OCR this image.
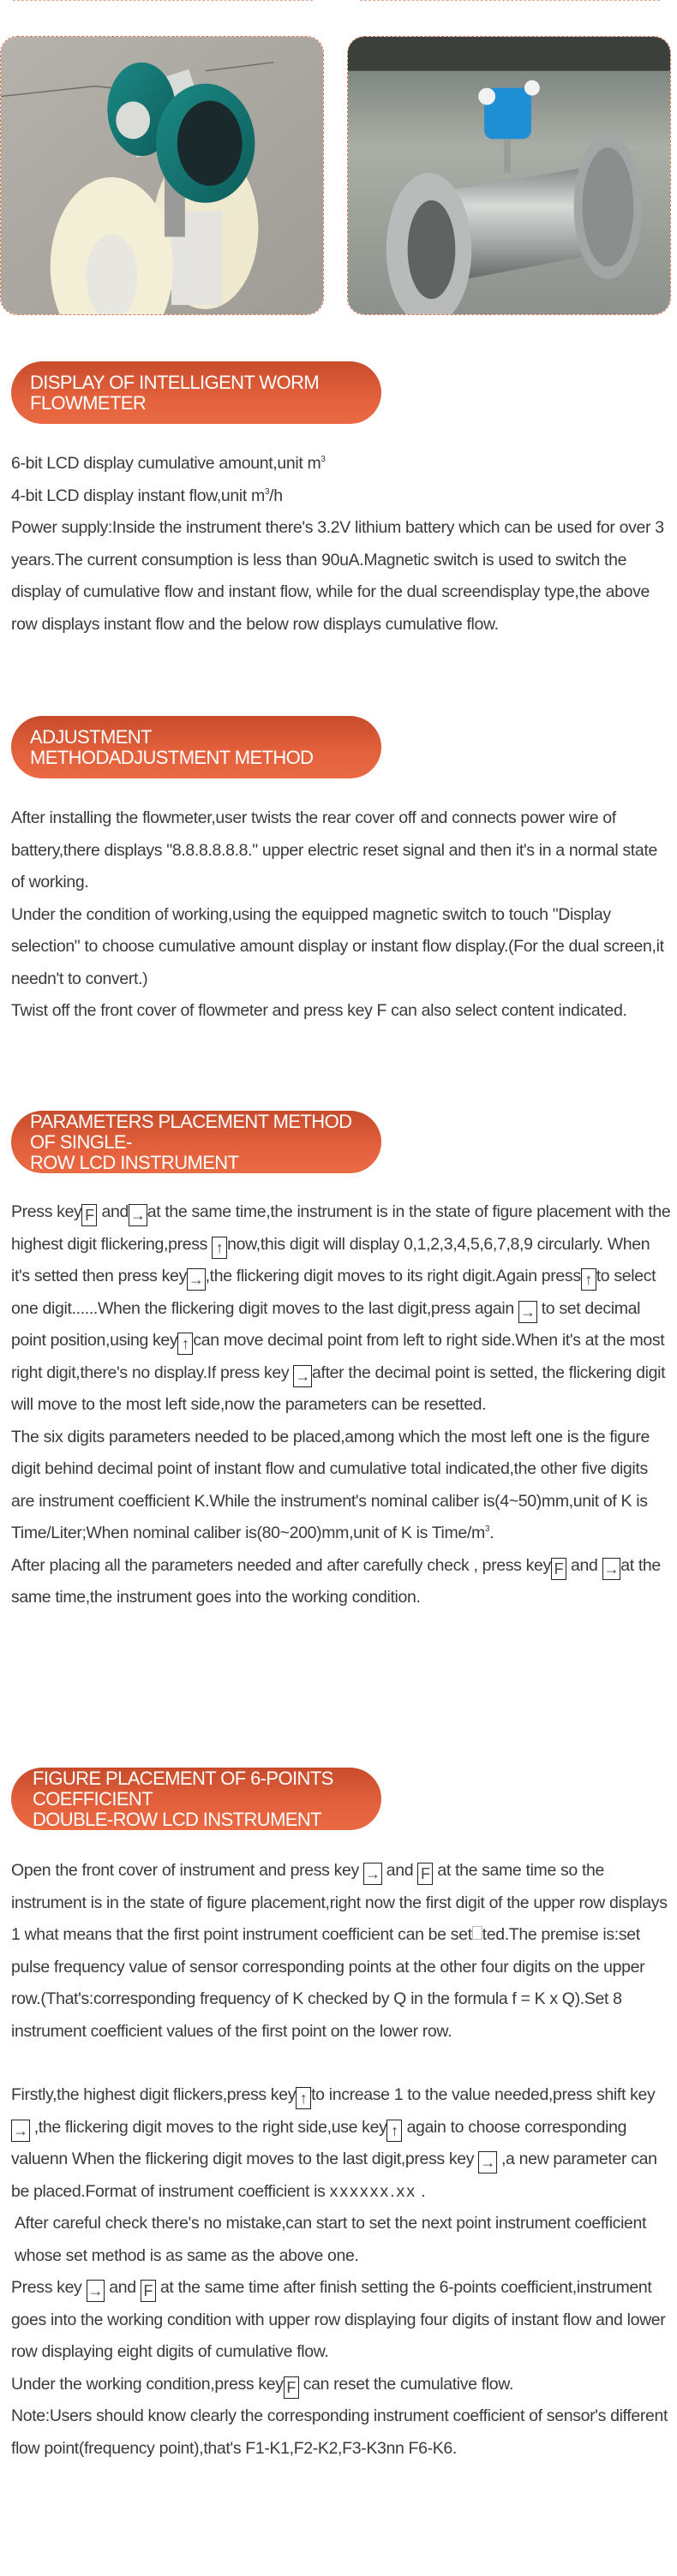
DISPLAY OF INTELLIGENT WORM FLOWMETER

6-bit LCD display cumulative amount,unit $m^3$

4-bit LCD display instant flow,unit $m^3/h$

Power supply:Inside the instrument there's 3.2V lithium battery which can be used for over 3 years.The current consumption is less than 90uA.Magnetic switch is used to switch the display of cumulative flow and instant flow, while for the dual screendisplay type,the above row displays instant flow and the below row displays cumulative flow.

ADJUSTMENT METHODADJUSTMENT METHOD

After installing the flowmeter,user twists the rear cover off and connects power wire of battery,there displays "8.8.8.8.8.8." upper electric reset signal and then it's in a normal state of working.

Under the condition of working,using the equipped magnetic switch to touch "Display selection" to choose cumulative amount display or instant flow display.(For the dual screen,it needn't to convert.)

Twist off the front cover of flowmeter and press key F can also select content indicated.

PARAMETERS PLACEMENT METHOD OF SINGLE-
ROW LCD INSTRUMENT

Press key F and → at the same time,the instrument is in the state of figure placement with the highest digit flickering,press ↑ now,this digit will display 0,1,2,3,4,5,6,7,8,9 circularly. When it's setted then press key → ,the flickering digit moves to its right digit.Again press ↑ to select one digit......When the flickering digit moves to the last digit,press again → to set decimal point position,using key ↑ can move decimal point from left to right side.When it's at the most right digit,there's no display.If press key → after the decimal point is setted, the flickering digit will move to the most left side,now the parameters can be resetted.

The six digits parameters needed to be placed,among which the most left one is the figure digit behind decimal point of instant flow and cumulative total indicated,the other five digits are instrument coefficient K.While the instrument's nominal caliber is(4~50)mm,unit of K is Time/Liter;When nominal caliber is(80~200)mm,unit of K is Time/$m^3$.

After placing all the parameters needed and after carefully check , press key F and → at the same time,the instrument goes into the working condition.

FIGURE PLACEMENT OF 6-POINTS COEFFICIENT
DOUBLE-ROW LCD INSTRUMENT

Open the front cover of instrument and press key → and F at the same time so the instrument is in the state of figure placement,right now the first digit of the upper row displays 1 what means that the first point instrument coefficient can be set ted.The premise is:set pulse frequency value of sensor corresponding points at the other four digits on the upper row.(That's:corresponding frequency of K checked by Q in the formula f = K x Q).Set 8 instrument coefficient values of the first point on the lower row.

Firstly,the highest digit flickers,press key ↑ to increase 1 to the value needed,press shift key → ,the flickering digit moves to the right side,use key ↑ again to choose corresponding valuenn When the flickering digit moves to the last digit,press key → ,a new parameter can be placed.Format of instrument coefficient is xxxxxx.xx .

After careful check there's no mistake,can start to set the next point instrument coefficient whose set method is as same as the above one.

Press key → and F at the same time after finish setting the 6-points coefficient,instrument goes into the working condition with upper row displaying four digits of instant flow and lower row displaying eight digits of cumulative flow.

Under the working condition,press key F can reset the cumulative flow.

Note:Users should know clearly the corresponding instrument coefficient of sensor's different flow point(frequency point),that's F1-K1,F2-K2,F3-K3nn F6-K6.
